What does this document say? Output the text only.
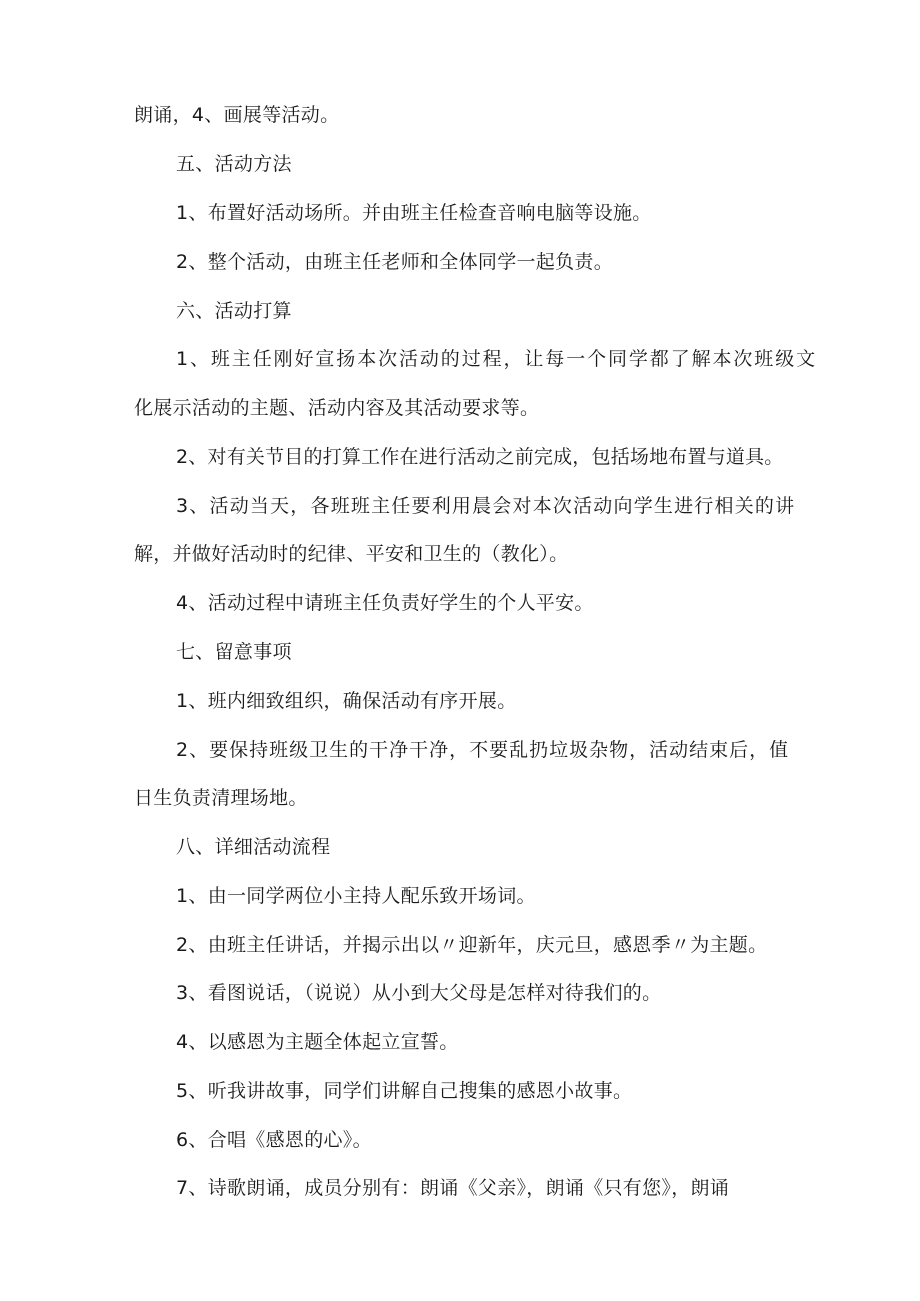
朗诵，4、画展等活动。
五、活动方法
1、布置好活动场所。并由班主任检查音响电脑等设施。
2、整个活动，由班主任老师和全体同学一起负责。
六、活动打算
1、班主任刚好宣扬本次活动的过程，让每一个同学都了解本次班级文
化展示活动的主题、活动内容及其活动要求等。
2、对有关节目的打算工作在进行活动之前完成，包括场地布置与道具。
3、活动当天，各班班主任要利用晨会对本次活动向学生进行相关的讲
解，并做好活动时的纪律、平安和卫生的（教化）。
4、活动过程中请班主任负责好学生的个人平安。
七、留意事项
1、班内细致组织，确保活动有序开展。
2、要保持班级卫生的干净干净，不要乱扔垃圾杂物，活动结束后，值
日生负责清理场地。
八、详细活动流程
1、由一同学两位小主持人配乐致开场词。
2、由班主任讲话，并揭示出以〃迎新年，庆元旦，感恩季〃为主题。
3、看图说话，（说说）从小到大父母是怎样对待我们的。
4、以感恩为主题全体起立宣誓。
5、听我讲故事，同学们讲解自己搜集的感恩小故事。
6、合唱《感恩的心》。
7、诗歌朗诵，成员分别有：朗诵《父亲》，朗诵《只有您》，朗诵
